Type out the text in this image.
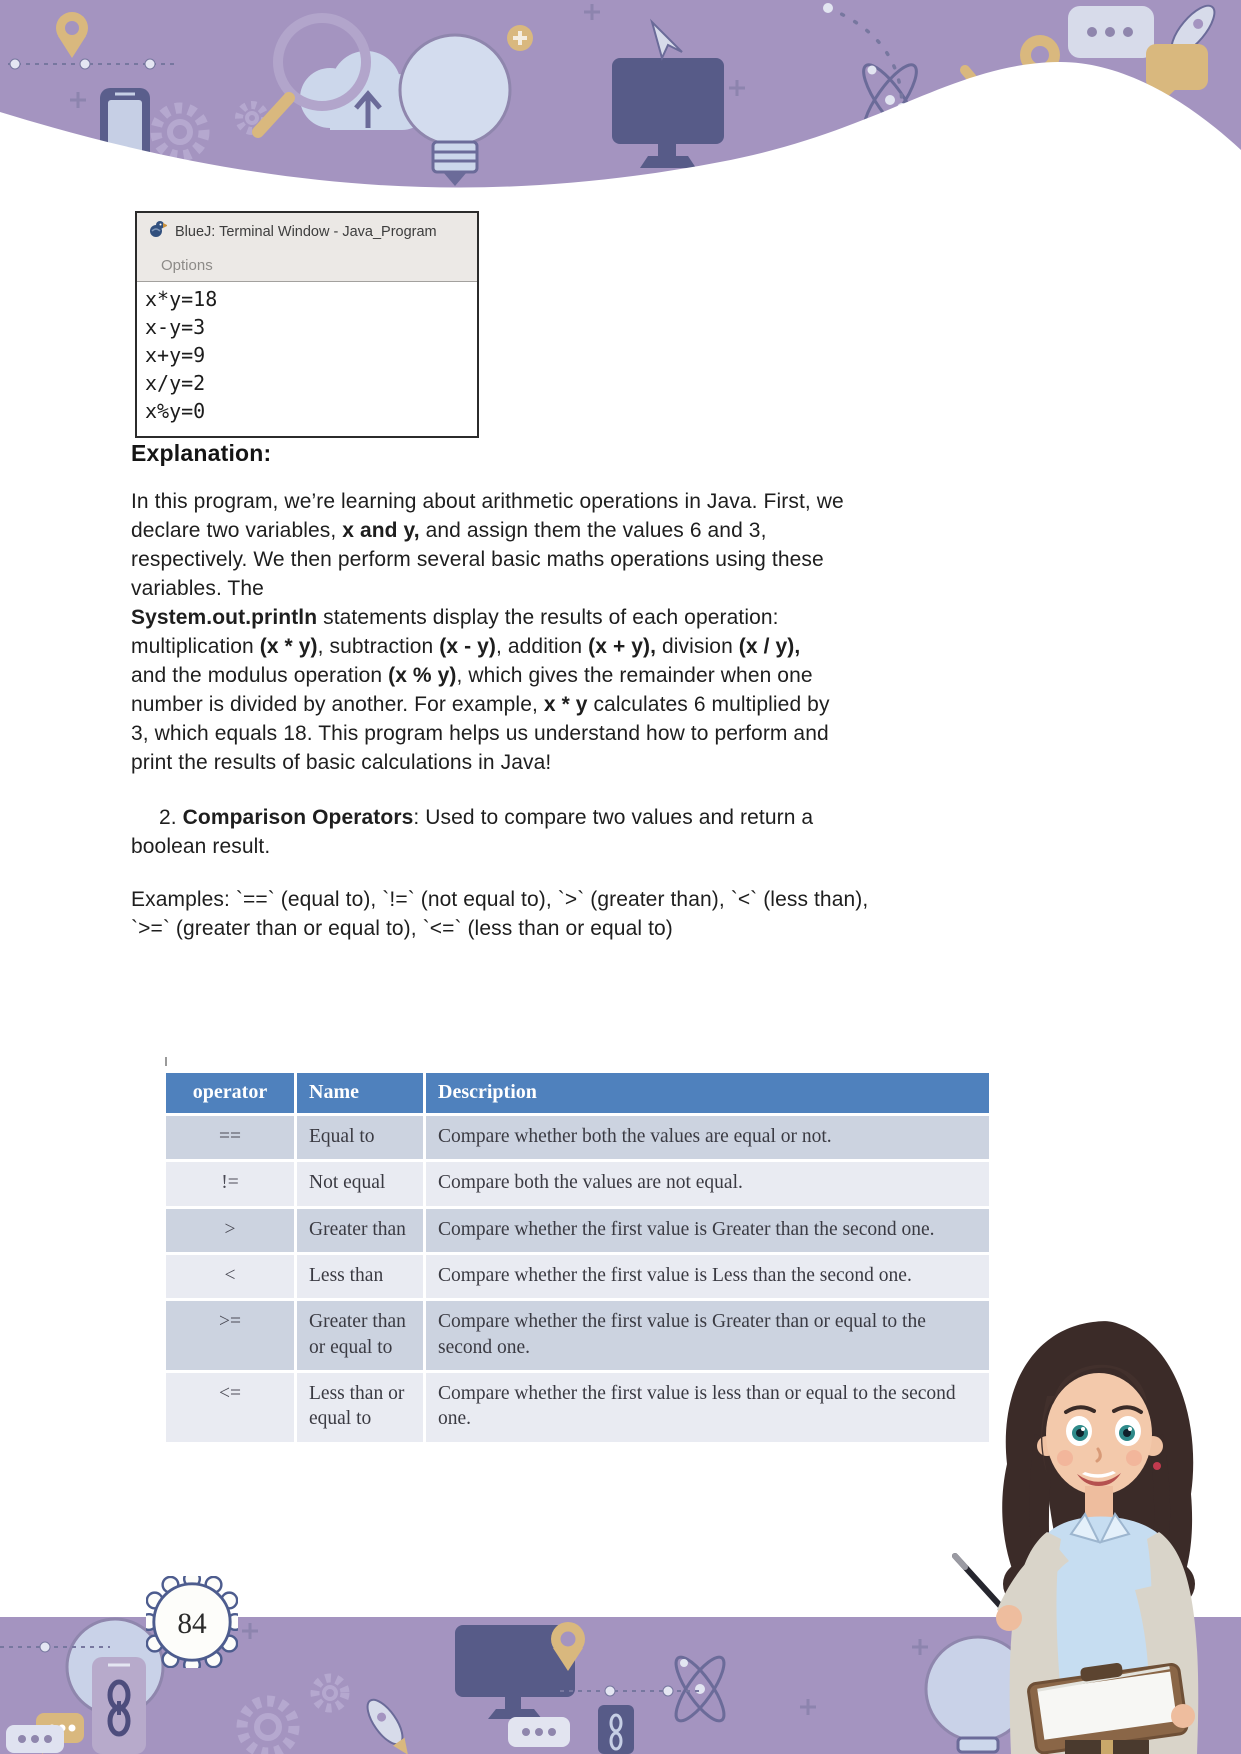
BlueJ: Terminal Window - Java_Program
Options
x*y=18
x-y=3
x+y=9
x/y=2
x%y=0
Explanation:

In this program, we’re learning about arithmetic operations in Java. First, we
declare two variables, x and y, and assign them the values 6 and 3,
respectively. We then perform several basic maths operations using these
variables. The
System.out.println statements display the results of each operation:
multiplication (x * y), subtraction (x - y), addition (x + y), division (x / y),
and the modulus operation (x % y), which gives the remainder when one
number is divided by another. For example, x * y calculates 6 multiplied by
3, which equals 18. This program helps us understand how to perform and
print the results of basic calculations in Java!

2. Comparison Operators: Used to compare two values and return a
boolean result.

Examples: `==` (equal to), `!=` (not equal to), `>` (greater than), `<` (less than),
`>=` (greater than or equal to), `<=` (less than or equal to)

operator	Name	Description
==	Equal to	Compare whether both the values are equal or not.
!=	Not equal	Compare both the values are not equal.
>	Greater than	Compare whether the first value is Greater than the second one.
<	Less than	Compare whether the first value is Less than the second one.
>=	Greater than or equal to	Compare whether the first value is Greater than or equal to the second one.
<=	Less than or equal to	Compare whether the first value is less than or equal to the second one.
84
